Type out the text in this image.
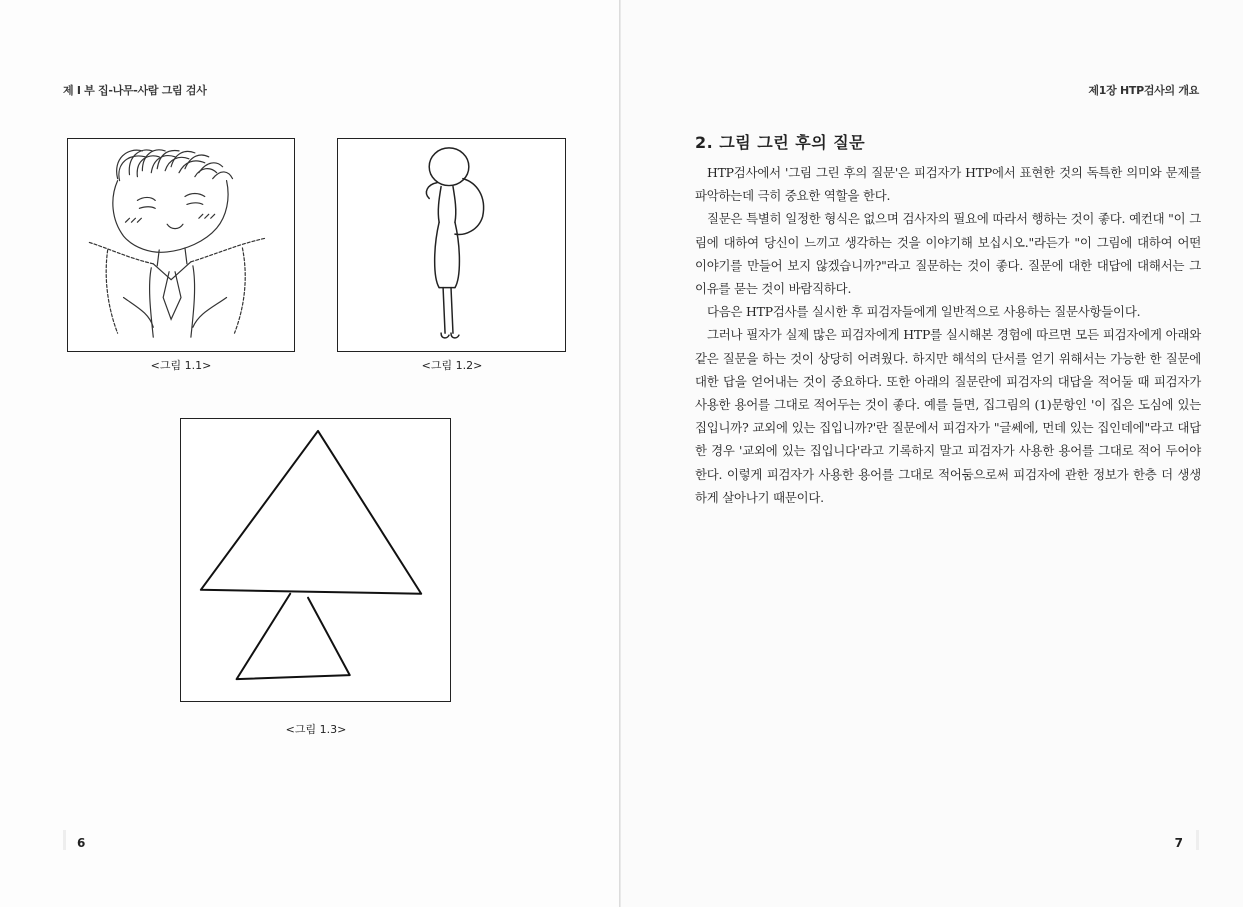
제 I 부 집-나무-사람 그림 검사
<그림 1.1>	<그림 1.2>
<그림 1.3>
6
제1장 HTP검사의 개요
7
2. 그림 그린 후의 질문

HTP검사에서 '그림 그린 후의 질문'은 피검자가 HTP에서 표현한 것의 독특한 의미와 문제를 파악하는데 극히 중요한 역할을 한다.

질문은 특별히 일정한 형식은 없으며 검사자의 필요에 따라서 행하는 것이 좋다. 예컨대 "이 그림에 대하여 당신이 느끼고 생각하는 것을 이야기해 보십시오."라든가 "이 그림에 대하여 어떤 이야기를 만들어 보지 않겠습니까?"라고 질문하는 것이 좋다. 질문에 대한 대답에 대해서는 그 이유를 묻는 것이 바람직하다.

다음은 HTP검사를 실시한 후 피검자들에게 일반적으로 사용하는 질문사항들이다.

그러나 필자가 실제 많은 피검자에게 HTP를 실시해본 경험에 따르면 모든 피검자에게 아래와 같은 질문을 하는 것이 상당히 어려웠다. 하지만 해석의 단서를 얻기 위해서는 가능한 한 질문에 대한 답을 얻어내는 것이 중요하다. 또한 아래의 질문란에 피검자의 대답을 적어둘 때 피검자가 사용한 용어를 그대로 적어두는 것이 좋다. 예를 들면, 집그림의 (1)문항인 '이 집은 도심에 있는 집입니까? 교외에 있는 집입니까?'란 질문에서 피검자가 "글쎄에, 먼데 있는 집인데에"라고 대답한 경우 '교외에 있는 집입니다'라고 기록하지 말고 피검자가 사용한 용어를 그대로 적어 두어야 한다. 이렇게 피검자가 사용한 용어를 그대로 적어둠으로써 피검자에 관한 정보가 한층 더 생생하게 살아나기 때문이다.
